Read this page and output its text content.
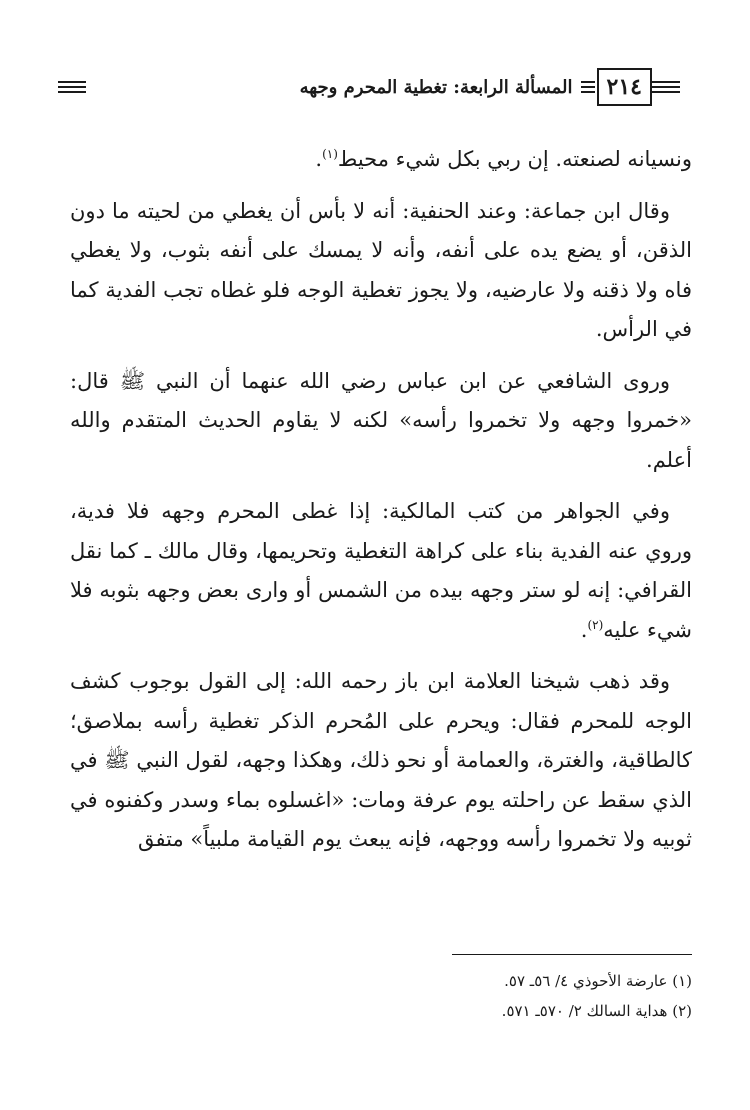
٢١٤
المسألة الرابعة: تغطية المحرم وجهه

ونسيانه لصنعته. إن ربي بكل شيء محيط$^{(١)}$.

وقال ابن جماعة: وعند الحنفية: أنه لا بأس أن يغطي من لحيته ما دون الذقن، أو يضع يده على أنفه، وأنه لا يمسك على أنفه بثوب، ولا يغطي فاه ولا ذقنه ولا عارضيه، ولا يجوز تغطية الوجه فلو غطاه تجب الفدية كما في الرأس.

وروى الشافعي عن ابن عباس رضي الله عنهما أن النبي ﷺ قال: «خمروا وجهه ولا تخمروا رأسه» لكنه لا يقاوم الحديث المتقدم والله أعلم.

وفي الجواهر من كتب المالكية: إذا غطى المحرم وجهه فلا فدية، وروي عنه الفدية بناء على كراهة التغطية وتحريمها، وقال مالك ـ كما نقل القرافي: إنه لو ستر وجهه بيده من الشمس أو وارى بعض وجهه بثوبه فلا شيء عليه$^{(٢)}$.

وقد ذهب شيخنا العلامة ابن باز رحمه الله: إلى القول بوجوب كشف الوجه للمحرم فقال: ويحرم على المُحرم الذكر تغطية رأسه بملاصق؛ كالطاقية، والغترة، والعمامة أو نحو ذلك، وهكذا وجهه، لقول النبي ﷺ في الذي سقط عن راحلته يوم عرفة ومات: «اغسلوه بماء وسدر وكفنوه في ثوبيه ولا تخمروا رأسه ووجهه، فإنه يبعث يوم القيامة ملبياً» متفق

(١) عارضة الأحوذي ٤/ ٥٦ـ ٥٧.
(٢) هداية السالك ٢/ ٥٧٠ـ ٥٧١.
